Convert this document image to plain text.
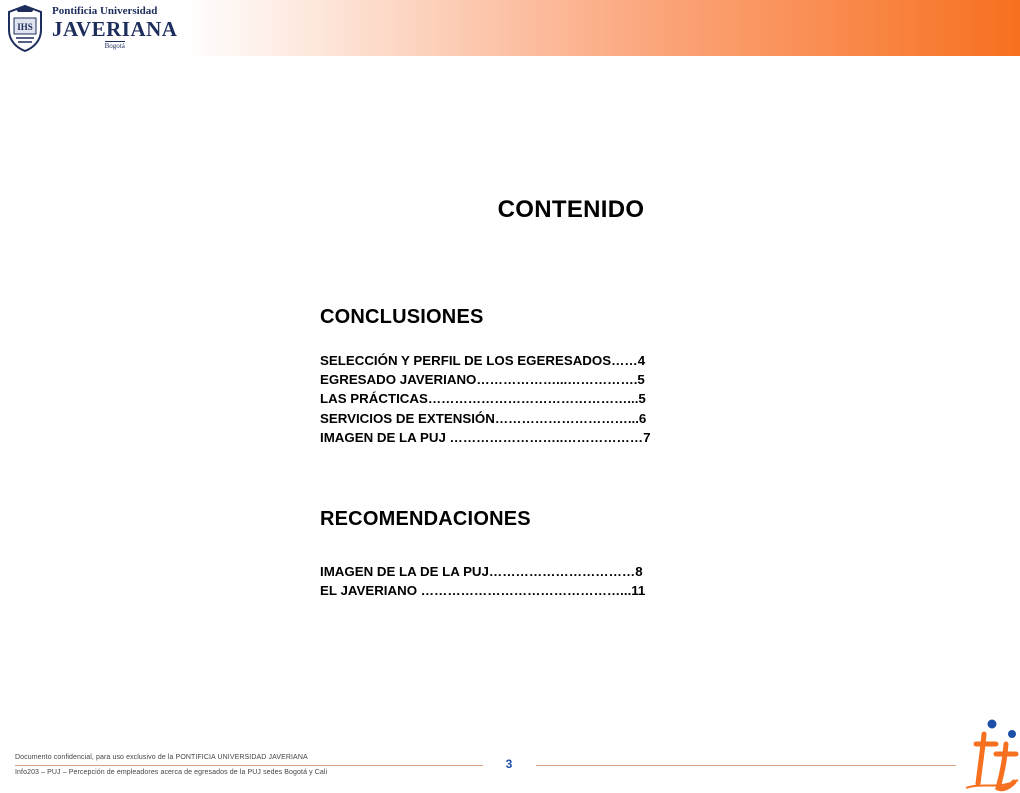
IHS
Pontificia Universidad
JAVERIANA
Bogotá
CONTENIDO
CONCLUSIONES
SELECCIÓN Y PERFIL DE LOS EGERESADOS……4
EGRESADO JAVERIANO………………...…………….5
LAS PRÁCTICAS………………………………………...5
SERVICIOS DE EXTENSIÓN…………………………...6
IMAGEN DE LA PUJ ……………………..………………7
RECOMENDACIONES
IMAGEN DE LA DE LA PUJ……………………………8
EL JAVERIANO ………………………………………...11
Documento confidencial, para uso exclusivo de la PONTIFICIA UNIVERSIDAD JAVERIANA
Info203 – PUJ – Percepción de empleadores acerca de egresados de la PUJ sedes Bogotá y Cali
3
